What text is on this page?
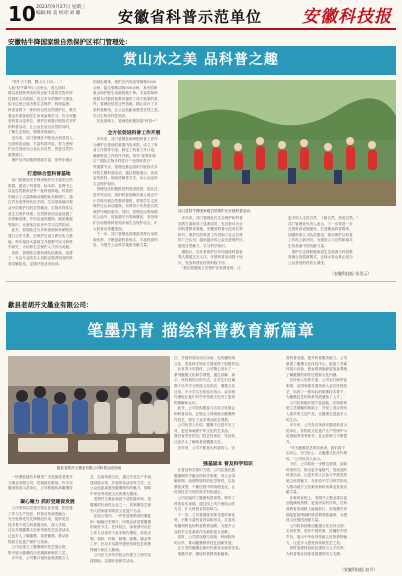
10 2023年9月27日 星期三
编辑:杨 美 校对:刘 璐	安徽省科普示范单位 安徽科技报
安徽牯牛降国家级自然保护区祁门管理处：
赏山水之美 品科普之趣
　"牯牛天下降，黟山九十四……"
人称"牯牛降"的八百里山，曾几何时
都以其独特秀美的风光和丰富的生物多样
性被世人所熟知。经过多年的保护与建设，
如今这里已成为集生态保护、科研监测、
科普宣教于一体的综合性自然保护区，吸引
着众多游客和学生前来参观学习。作为安徽
省科普示范单位，保护区积极开展形式多样
的科普活动，让公众在亲近自然的同时，
了解生态知识，增强环保意识。
　近年来，祁门管理处不断加大科普投入，
完善科普设施，丰富科普内容，努力把保
护区打造成为公众认识自然、热爱自然的
重要窗口。
　保护区内动植物资源丰富，是华东地区
打造综合型科普基地
　祁门管理处充分利用保护区丰富的自然
资源，建设了科普馆、标本馆、宣教中心
以及自然教育径等一批科普阵地。科普馆
内展示了大量珍稀动植物标本和图片，通
过声光电等现代化手段，生动形象地向观
众介绍保护区的自然概况、生物多样性以
及生态保护成果。自然教育径沿途设置了
多块解说牌，介绍沿途的植物、地质地貌
等知识，让游客在徒步中学习自然知识。
　此外，管理处还与多所高校和科研院所
建立合作关系，在保护区设立教学实习基
地，每年接待大量师生开展野外实习和科
学研究，为培养生态保护人才作出贡献。
　同时，管理处注重科普队伍建设，组建
了一支由专业技术人员和志愿者组成的科
普讲解队伍，定期开展业务培训。
的绿色明珠，保护区内有高等植物1500
余种，陆生脊椎动物300余种，其中国家
重点保护野生动植物数十种。丰富的物种
资源为开展科普教育提供了得天独厚的条
件。管理处依托这些资源，精心设计了多
条科普路线，让公众近距离感受自然之美，
学习生物多样性知识。
　在此基础上，管理处积极探索"科普+"
全方位促进科普工作开展
　多年来，祁门管理处始终把科普工作作
为保护区建设的重要内容来抓，成立了科
普工作领导小组，制定了科普工作计划，
确保科普工作有序开展。每年"世界环境
日""国际生物多样性日""全国科普日"
等重要节点，管理处都会组织开展形式多
样的主题科普活动，通过展板展示、发放
宣传资料、现场讲解等方式，向公众宣传
生态保护知识。
　管理处还积极推进科普进校园、进社区、
进乡村活动，组织科普讲解员深入周边中
小学校开展自然教育课程，带领学生走进
保护区认识动植物，培养青少年热爱自然、
保护环境的意识。同时，管理处还利用微
信公众号、短视频平台等新媒体，发布保
护区动植物科普知识和生态保护动态，扩
大科普宣传覆盖面。
　下一步，祁门管理处将继续发挥自身资
源优势，不断创新科普形式，丰富科普内
容，为提升公众科学素质贡献力量。
祁门县牯牛降国家级自然保护区开展科普活动。
　多年来，祁门管理处在生态保护和科普
宣教方面取得了显著成效，先后被评为全
国科普教育基地、安徽省科普示范单位等
称号。保护区的科普工作得到了社会各界
的广泛认可，越来越多的公众走进保护区，
感受自然魅力，学习科学知识。
　据统计，近年来保护区年均接待科普参
观人数超过万人次，开展科普活动数十场
次，发放科普宣传资料数千份。
　"我们将继续立足保护区资源优势，让
更多的人走进自然、了解自然、热爱自然。"
祁门管理处负责人表示，下一步将进一步
完善科普设施建设，打造精品科普路线，
加强科普人才队伍建设，推动保护区科普
工作再上新台阶，为建设人与自然和谐共
生的美丽中国贡献力量。
　保护区还将积极探索生态旅游与科普教
育融合发展新模式，让绿水青山真正成为
公众喜爱的科普大课堂。
（安徽科技报 张美云）
歙县老胡开文墨业有限公司：
笔墨丹青 描绘科普教育新篇章
歙县老胡开文墨业有限公司科普活动现场
　一块墨锭能有多精美？走进歙县老胡开
文墨业有限公司，答案就在眼前。作为安
徽省科普示范单位，公司积极传承徽墨技
凝心聚力 抓好党建促发展
　公司坚持以党建引领企业发展，把党建
工作与生产经营、科普宣传深度融合，
充分发挥党员先锋模范作用，组织党员
技术骨干成立科普服务队，深入学校、
社区开展徽墨文化和传统技艺宣讲活动，
让更多人了解徽墨、喜爱徽墨，推动非
物质文化遗产保护与传承。
　公司还建立了徽墨制作技艺展示馆，
集中展示徽墨的历史渊源和制作工艺。
　多年来，公司累计接待参观者数万人
艺，弘扬传统文化，通过开放生产车间、
建设展示馆、开展体验活动等方式，让
公众近距离感受徽墨制作的魅力，领略
中华优秀传统文化的博大精深。
　老胡开文墨业始创于清乾隆年间，是
徽墨的代表性企业之一，其制墨技艺被
列入国家级非物质文化遗产名录。
　在展示馆内，一件件造型精美的墨锭
和一幅幅历史图片，向观众讲述着徽墨
的前世今生。在体验区，参观者可以在
工作人员指导下亲手制作墨锭，体验点
烟、和料、杵捣、制墨、晾墨、描金等
工序，在动手实践中感受传统技艺的独
特魅力和匠人精神。
　公司还与多所学校合作建立了研学实
践基地，定期开展研学活动。
次，开展科普活动百余场，在传播传统
文化、普及科学知识方面发挥了积极作用。
　针对青少年群体，公司精心设计了一
系列徽墨文化研学课程，通过讲解、演
示、体验相结合的方式，让学生们在寓
教于乐中学习传统文化知识，增强文化
自信。不少学生在体验后表示，亲手制
作墨锭让他们对中华传统文化有了更深
的理解和认识。
　此外，公司还积极参与各类文化展会
和科普活动，在展会上现场展示徽墨制
作技艺，吸引了众多观众驻足观看。
　公司负责人介绍，徽墨不仅是书写工
具，更是承载着中华文化的艺术品。
我们有责任把这门技艺传承好、发扬好，
让更多人了解和喜爱徽墨文化。
　近年来，公司不断加大科普投入，完
强基固本 普及科学知识
　在普及科学知识方面，公司注重挖掘
徽墨制作中蕴含的科学原理，向公众讲
解松烟、油烟等原料的化学特性，以及
墨锭成型、干燥过程中的物理变化，让
传统技艺与现代科学有机融合。
　公司还编印了徽墨科普读物，制作了
科普宣传视频，通过线上线下相结合的
方式，扩大科普宣传影响力。
　下一步，公司将继续发挥非遗传承优
势，不断丰富科普内容和形式，打造具
有徽州特色的科普教育品牌，为提升公
众科学文化素质作出新的更大贡献。
　同时，公司将加强与高校、科研院所
的合作，推动徽墨制作技艺创新发展。
　让古老的徽墨在新时代焕发出新的光彩。
　笔墨丹青，描绘科普教育新篇章。
善科普设施，提升科普服务能力。公司
新建了徽墨文化体验中心，配备了多媒
体展示设备，使参观者能够更加直观地
了解徽墨的制作过程和文化内涵。
　在传承人培养方面，公司实行师带徒
制度，由国家级非遗传承人亲自传授技
艺，培养了一批年轻的制墨技术骨干，
为徽墨技艺的传承发展储备了人才。
　公司还积极开展产品创新，在保留传
统工艺精髓的基础上，开发了适合现代
人需求的文创产品，让徽墨走进更多人
的生活。
　多年来，公司先后荣获安徽省科普示
范单位、非物质文化遗产生产性保护示
范基地等荣誉称号，社会影响力不断提
升。
　"作为徽墨技艺的传承者，我们将不
忘初心，坚守匠心，让徽墨文化代代相
传。"公司负责人表示。
　今后，公司将进一步整合资源，创新
科普形式，推出更多接地气、受欢迎的
科普活动，让更多的人在参与中感受传
统文化的魅力，在体验中学习科学知识，
为推动地方文化繁荣和科普事业发展贡
献力量。
　在新的征程上，老胡开文墨业将以更
加饱满的热情、更加务实的作风，在科
普教育的道路上砥砺前行，用笔墨丹青
描绘更加绚丽的科普教育新篇章，为建
设文化强国贡献力量。
　公司将持续推动徽墨文化走向全国、
走向世界，讲好中国故事，传播好中国
声音，展示中华优秀传统文化的独特魅
力，让更多人感受到传统技艺之美。
　同时加强科普队伍建设与人才培养，
为科普事业持续发展提供有力支撑。
（安徽科技报 赵丹）
